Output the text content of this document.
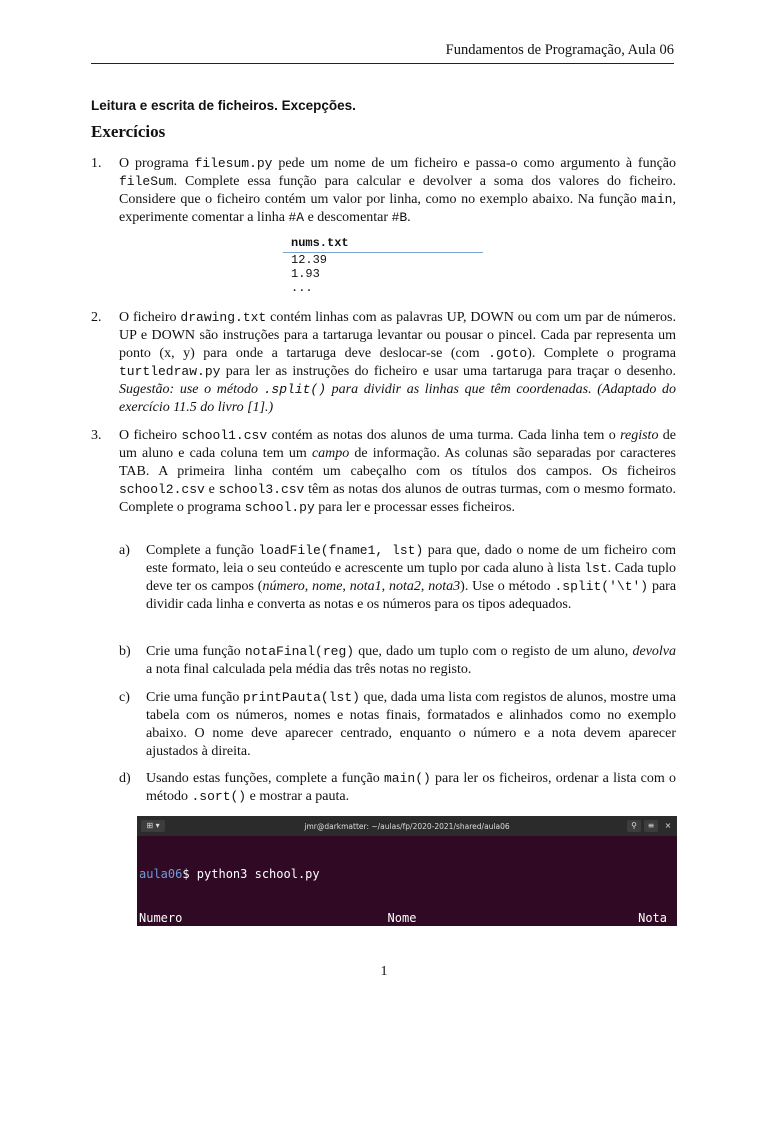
Fundamentos de Programação, Aula 06
Leitura e escrita de ficheiros. Excepções.
Exercícios
1. O programa filesum.py pede um nome de um ficheiro e passa-o como argumento à função fileSum. Complete essa função para calcular e devolver a soma dos valores do ficheiro. Considere que o ficheiro contém um valor por linha, como no exemplo abaixo. Na função main, experimente comentar a linha #A e descomentar #B.
nums.txt
12.39
1.93
...
2. O ficheiro drawing.txt contém linhas com as palavras UP, DOWN ou com um par de números. UP e DOWN são instruções para a tartaruga levantar ou pousar o pincel. Cada par representa um ponto (x, y) para onde a tartaruga deve deslocar-se (com .goto). Complete o programa turtledraw.py para ler as instruções do ficheiro e usar uma tartaruga para traçar o desenho. Sugestão: use o método .split() para dividir as linhas que têm coordenadas. (Adaptado do exercício 11.5 do livro [1].)
3. O ficheiro school1.csv contém as notas dos alunos de uma turma. Cada linha tem o registo de um aluno e cada coluna tem um campo de informação. As colunas são separadas por caracteres TAB. A primeira linha contém um cabeçalho com os títulos dos campos. Os ficheiros school2.csv e school3.csv têm as notas dos alunos de outras turmas, com o mesmo formato. Complete o programa school.py para ler e processar esses ficheiros.
a) Complete a função loadFile(fname1, lst) para que, dado o nome de um ficheiro com este formato, leia o seu conteúdo e acrescente um tuplo por cada aluno à lista lst. Cada tuplo deve ter os campos (número, nome, nota1, nota2, nota3). Use o método .split('\t') para dividir cada linha e converta as notas e os números para os tipos adequados.
b) Crie uma função notaFinal(reg) que, dado um tuplo com o registo de um aluno, devolva a nota final calculada pela média das três notas no registo.
c) Crie uma função printPauta(lst) que, dada uma lista com registos de alunos, mostre uma tabela com os números, nomes e notas finais, formatados e alinhados como no exemplo abaixo. O nome deve aparecer centrado, enquanto o número e a nota devem aparecer ajustados à direita.
d) Usando estas funções, complete a função main() para ler os ficheiros, ordenar a lista com o método .sort() e mostrar a pauta.
⊞ ▾	jmr@darkmatter: ~/aulas/fp/2020-2021/shared/aula06	⚲	≡	×

aula06$ python3 school.py

Numero	Nome	Nota

8540	VÍTOR MANUEL ANICETO PALHINHA	16.3

9419	MÁRIO JORGE MANECAS	8.9

9634	ANA PAULA ARANTES MORAIS	15.0

10247	JOSÉ DOMINGOS MARTINS LOURENÇO	11.9

1
